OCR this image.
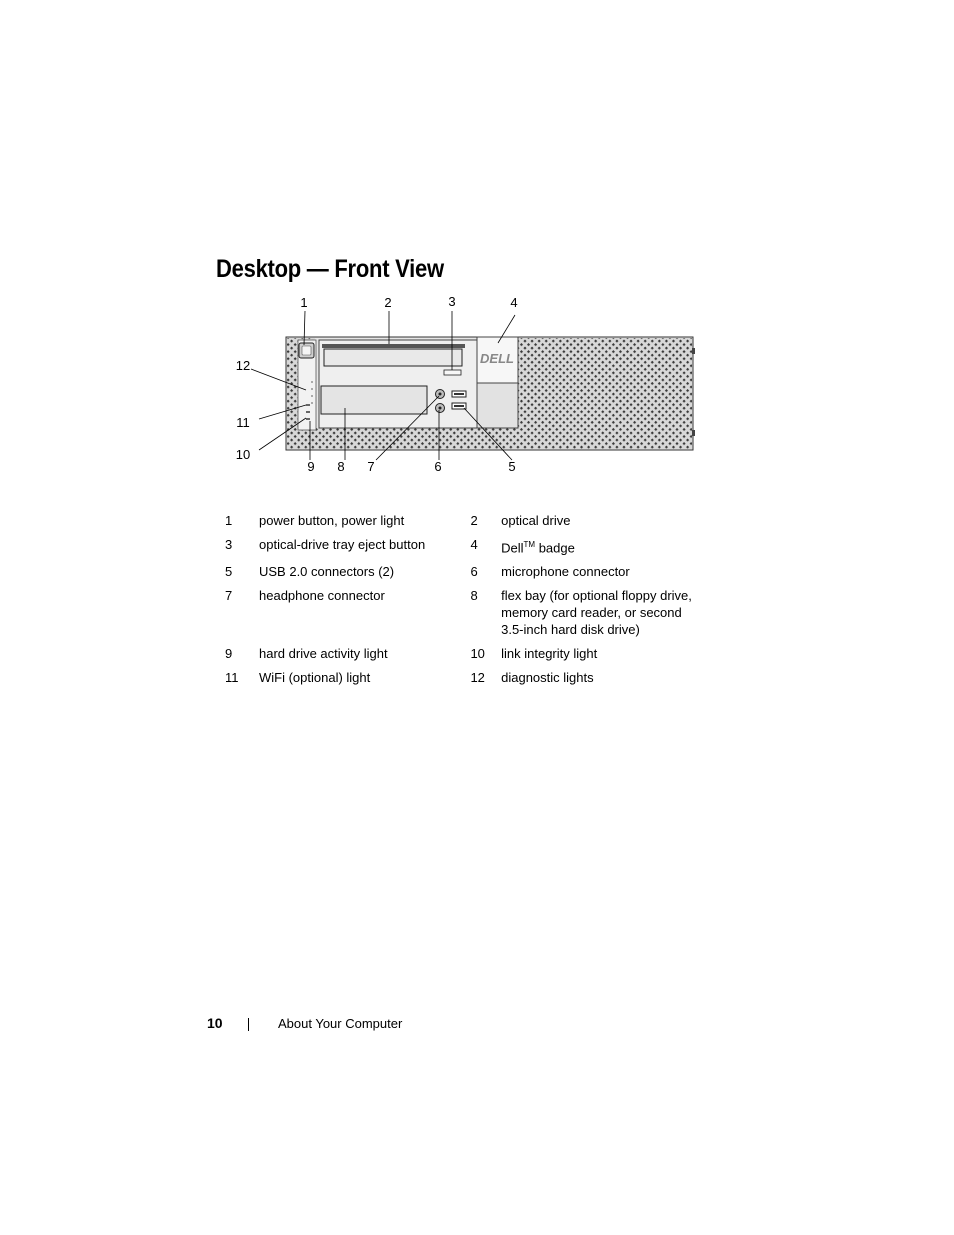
Desktop — Front View
DELL
1	2	3	4
5
6
7
8
9
10
11
12
1	power button, power light	2	optical drive
3	optical-drive tray eject button	4	Dell™ badge
5	USB 2.0 connectors (2)	6	microphone connector
7	headphone connector	8	flex bay (for optional floppy drive, memory card reader, or second 3.5-inch hard disk drive)
9	hard drive activity light	10	link integrity light
11	WiFi (optional) light	12	diagnostic lights
10	About Your Computer
